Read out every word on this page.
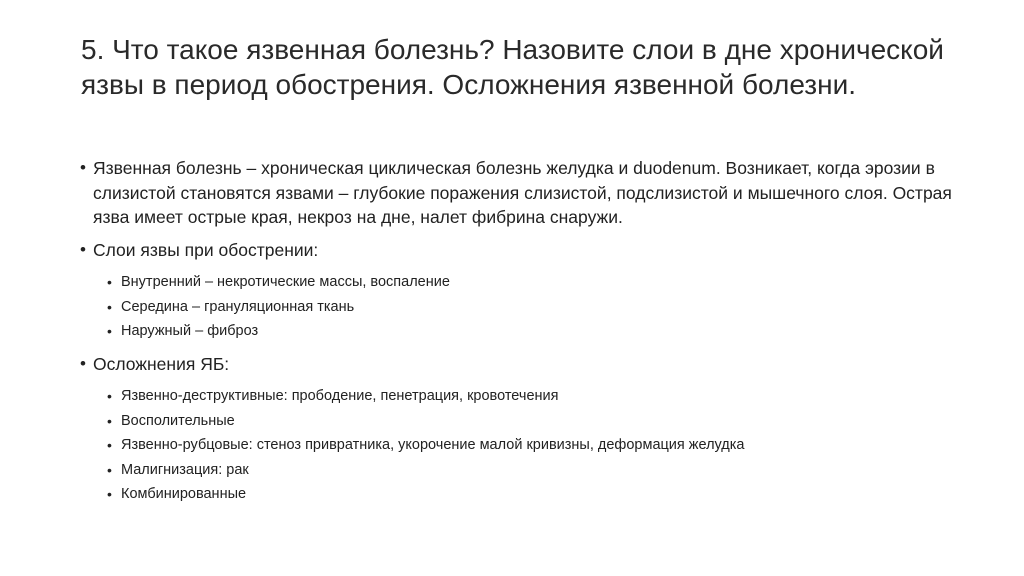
5. Что такое язвенная болезнь? Назовите слои в дне хронической язвы в период обострения. Осложнения язвенной болезни.
• Язвенная болезнь – хроническая циклическая болезнь желудка и duodenum. Возникает, когда эрозии в слизистой становятся язвами – глубокие поражения слизистой, подслизистой и мышечного слоя. Острая язва имеет острые края, некроз на дне, налет фибрина снаружи.
• Слои язвы при обострении:
• Внутренний – некротические массы, воспаление
• Середина – грануляционная ткань
• Наружный – фиброз
• Осложнения ЯБ:
• Язвенно-деструктивные: прободение, пенетрация, кровотечения
• Восполительные
• Язвенно-рубцовые: стеноз привратника, укорочение малой кривизны, деформация желудка
• Малигнизация: рак
• Комбинированные
